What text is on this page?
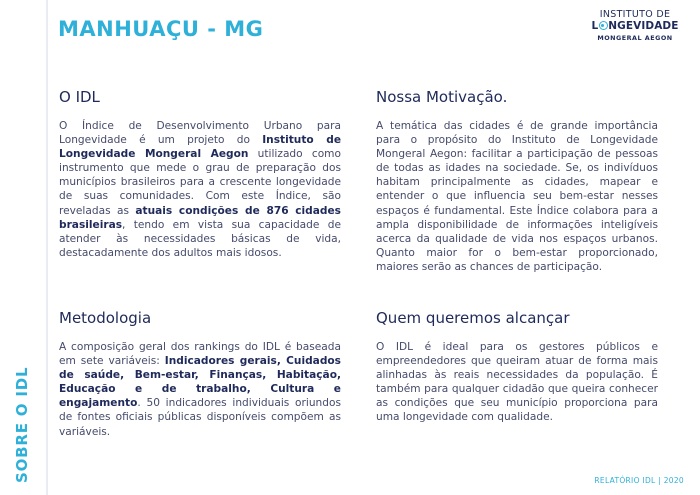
MANHUAÇU - MG
INSTITUTO DE
L NGEVIDADE
MONGERAL AEGON
O IDL

O Índice de Desenvolvimento Urbano para Longevidade é um projeto do Instituto de Longevidade Mongeral Aegon utilizado como instrumento que mede o grau de preparação dos municípios brasileiros para a crescente longevidade de suas comunidades. Com este Índice, são reveladas as atuais condições de 876 cidades brasileiras, tendo em vista sua capacidade de atender às necessidades básicas de vida, destacadamente dos adultos mais idosos.

Nossa Motivação.

A temática das cidades é de grande importância para o propósito do Instituto de Longevidade Mongeral Aegon: facilitar a participação de pessoas de todas as idades na sociedade. Se, os indivíduos habitam principalmente as cidades, mapear e entender o que influencia seu bem-estar nesses espaços é fundamental. Este Índice colabora para a ampla disponibilidade de informações inteligíveis acerca da qualidade de vida nos espaços urbanos. Quanto maior for o bem-estar proporcionado, maiores serão as chances de participação.

Metodologia

A composição geral dos rankings do IDL é baseada em sete variáveis: Indicadores gerais, Cuidados de saúde, Bem-estar, Finanças, Habitação, Educação e de trabalho, Cultura e engajamento. 50 indicadores individuais oriundos de fontes oficiais públicas disponíveis compõem as variáveis.

Quem queremos alcançar

O IDL é ideal para os gestores públicos e empreendedores que queiram atuar de forma mais alinhadas às reais necessidades da população. É também para qualquer cidadão que queira conhecer as condições que seu município proporciona para uma longevidade com qualidade.

SOBRE O IDL	RELATÓRIO IDL | 2020
